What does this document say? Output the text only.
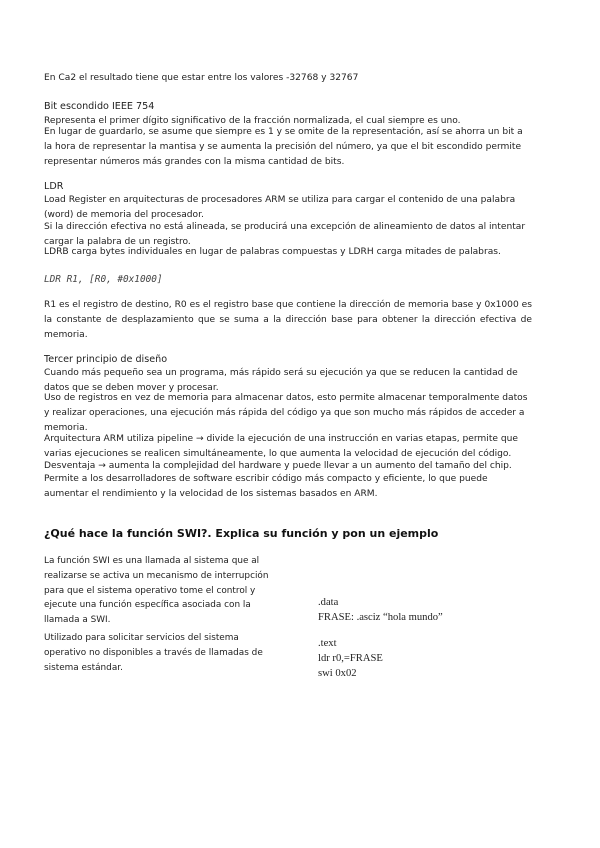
En Ca2 el resultado tiene que estar entre los valores -32768 y 32767
Bit escondido IEEE 754
Representa el primer dígito significativo de la fracción normalizada, el cual siempre es uno.
En lugar de guardarlo, se asume que siempre es 1 y se omite de la representación, así se ahorra un bit a la hora de representar la mantisa y se aumenta la precisión del número, ya que el bit escondido permite representar números más grandes con la misma cantidad de bits.
LDR
Load Register en arquitecturas de procesadores ARM se utiliza para cargar el contenido de una palabra (word) de memoria del procesador.
Si la dirección efectiva no está alineada, se producirá una excepción de alineamiento de datos al intentar cargar la palabra de un registro.
LDRB carga bytes individuales en lugar de palabras compuestas y LDRH carga mitades de palabras.
LDR R1, [R0, #0x1000]
R1 es el registro de destino, R0 es el registro base que contiene la dirección de memoria base y 0x1000 es la constante de desplazamiento que se suma a la dirección base para obtener la dirección efectiva de memoria.
Tercer principio de diseño
Cuando más pequeño sea un programa, más rápido será su ejecución ya que se reducen la cantidad de datos que se deben mover y procesar.
Uso de registros en vez de memoria para almacenar datos, esto permite almacenar temporalmente datos y realizar operaciones, una ejecución más rápida del código ya que son mucho más rápidos de acceder a memoria.
Arquitectura ARM utiliza pipeline → divide la ejecución de una instrucción en varias etapas, permite que varias ejecuciones se realicen simultáneamente, lo que aumenta la velocidad de ejecución del código.
Desventaja → aumenta la complejidad del hardware y puede llevar a un aumento del tamaño del chip.
Permite a los desarrolladores de software escribir código más compacto y eficiente, lo que puede aumentar el rendimiento y la velocidad de los sistemas basados en ARM.
¿Qué hace la función SWI?. Explica su función y pon un ejemplo
La función SWI es una llamada al sistema que al realizarse se activa un mecanismo de interrupción para que el sistema operativo tome el control y ejecute una función específica asociada con la llamada a SWI.
Utilizado para solicitar servicios del sistema operativo no disponibles a través de llamadas de sistema estándar.
.data
FRASE: .asciz “hola mundo”
.text
ldr r0,=FRASE
swi 0x02
